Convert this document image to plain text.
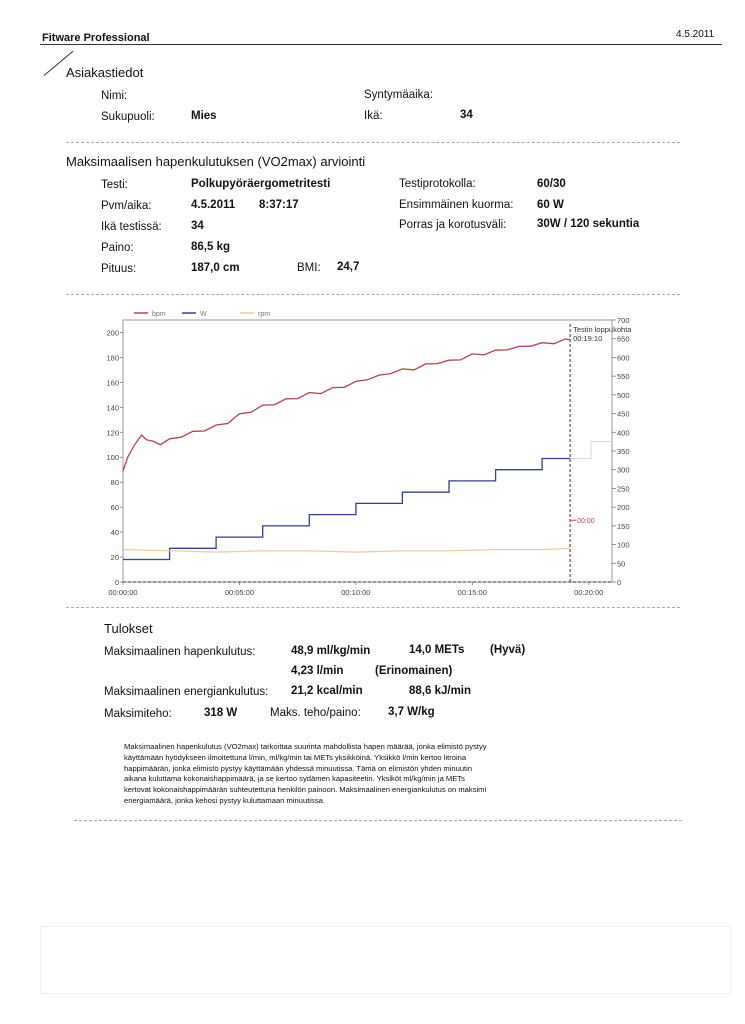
Fitware Professional	4.5.2011
Asiakastiedot
Nimi:	Syntymäaika:
Sukupuoli:	Mies	Ikä:	34
Maksimaalisen hapenkulutuksen (VO2max) arviointi
Testi:	Polkupyöräergometritesti	Testiprotokolla:	60/30
Pvm/aika:	4.5.2011 8:37:17	Ensimmäinen kuorma: 60 W
Ikä testissä:	34	Porras ja korotusväli:	30W / 120 sekuntia
Paino:	86,5 kg
Pituus:	187,0 cm	BMI: 24,7
bpm	W	rpm
0
20
40
60
80
100
120
140
160
180
200
0
50
100
150
200
250
300
350
400
450
500
550
600
650
700
00:00:00	00:05:00	00:10:00	00:15:00	00:20:00
Testin loppukohta
00:19:10
00:00
Tulokset
Maksimaalinen hapenkulutus:	48,9 ml/kg/min	14,0 METs (Hyvä)
4,23 l/min	(Erinomainen)
Maksimaalinen energiankulutus: 21,2 kcal/min	88,6 kJ/min
Maksimiteho:	318 W	Maks. teho/paino: 3,7 W/kg
Maksimaalinen hapenkulutus (VO2max) tarkoittaa suurinta mahdollista hapen määrää, jonka elimistö pystyy
käyttämään hyödykseen ilmoitettuna l/min, ml/kg/min tai METs yksikköinä. Yksikkö l/min kertoo litroina
happimäärän, jonka elimistö pystyy käyttämään yhdessä minuutissa. Tämä on elimistön yhden minuutin
aikana kuluttama kokonaishappimäärä, ja se kertoo sydämen kapasiteetin. Yksiköt ml/kg/min ja METs
kertovat kokonaishappimäärän suhteutettuna henkilön painoon. Maksimaalinen energiankulutus on maksimi
energiamäärä, jonka kehosi pystyy kuluttamaan minuutissa.
